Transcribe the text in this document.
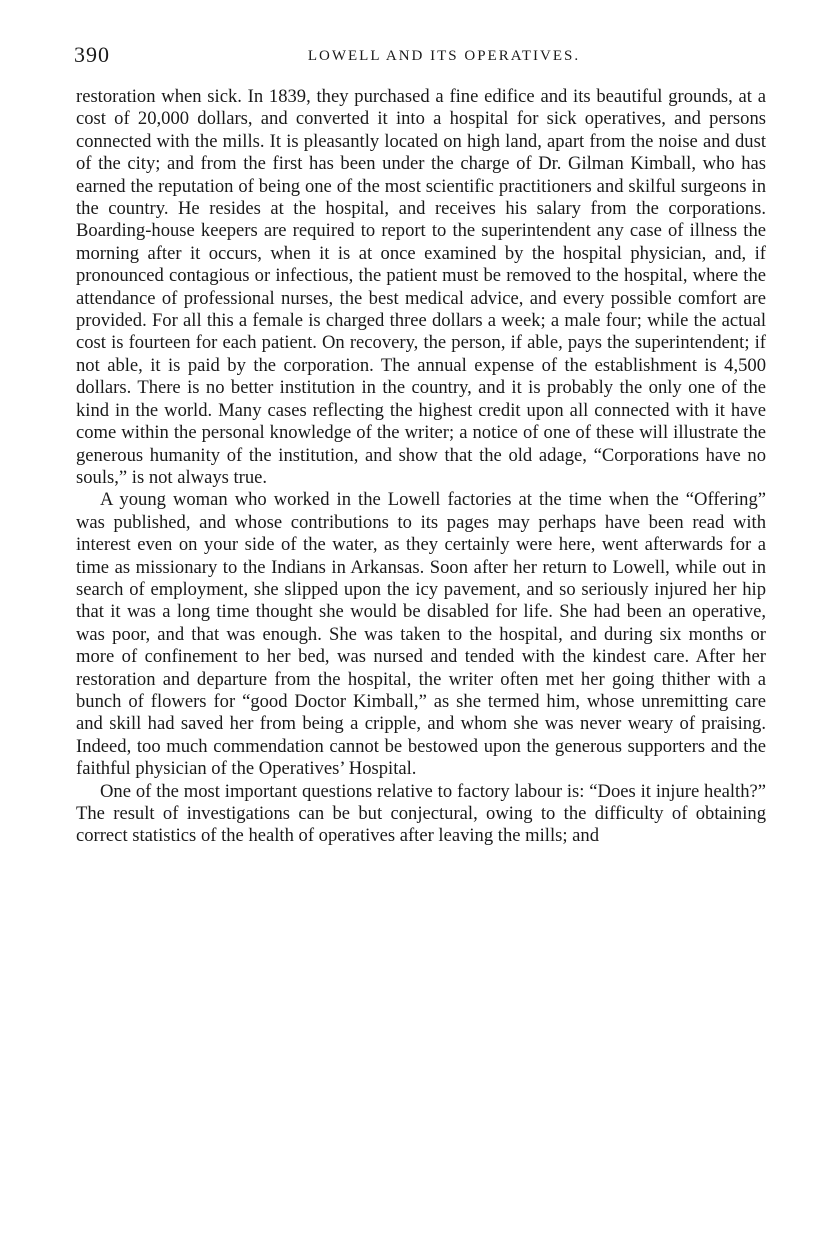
390	LOWELL AND ITS OPERATIVES.

restoration when sick. In 1839, they purchased a fine edifice and its beautiful grounds, at a cost of 20,000 dollars, and converted it into a hospital for sick operatives, and persons connected with the mills. It is pleasantly located on high land, apart from the noise and dust of the city; and from the first has been under the charge of Dr. Gilman Kimball, who has earned the reputation of being one of the most scientific practitioners and skilful surgeons in the country. He resides at the hospital, and receives his salary from the corporations. Boarding-house keepers are required to report to the superintendent any case of illness the morning after it occurs, when it is at once examined by the hospital physician, and, if pronounced contagious or infectious, the patient must be removed to the hospital, where the attendance of professional nurses, the best medical advice, and every possible comfort are provided. For all this a female is charged three dollars a week; a male four; while the actual cost is fourteen for each patient. On recovery, the person, if able, pays the superintendent; if not able, it is paid by the corporation. The annual expense of the establishment is 4,500 dollars. There is no better institution in the country, and it is probably the only one of the kind in the world. Many cases reflecting the highest credit upon all connected with it have come within the personal knowledge of the writer; a notice of one of these will illustrate the generous humanity of the institution, and show that the old adage, “Corporations have no souls,” is not always true.

A young woman who worked in the Lowell factories at the time when the “Offering” was published, and whose contributions to its pages may perhaps have been read with interest even on your side of the water, as they certainly were here, went afterwards for a time as missionary to the Indians in Arkansas. Soon after her return to Lowell, while out in search of employment, she slipped upon the icy pavement, and so seriously injured her hip that it was a long time thought she would be disabled for life. She had been an operative, was poor, and that was enough. She was taken to the hospital, and during six months or more of confinement to her bed, was nursed and tended with the kindest care. After her restoration and departure from the hospital, the writer often met her going thither with a bunch of flowers for “good Doctor Kimball,” as she termed him, whose unremitting care and skill had saved her from being a cripple, and whom she was never weary of praising. Indeed, too much commendation cannot be bestowed upon the generous supporters and the faithful physician of the Operatives’ Hospital.

One of the most important questions relative to factory labour is: “Does it injure health?” The result of investigations can be but conjectural, owing to the difficulty of obtaining correct statistics of the health of operatives after leaving the mills; and
